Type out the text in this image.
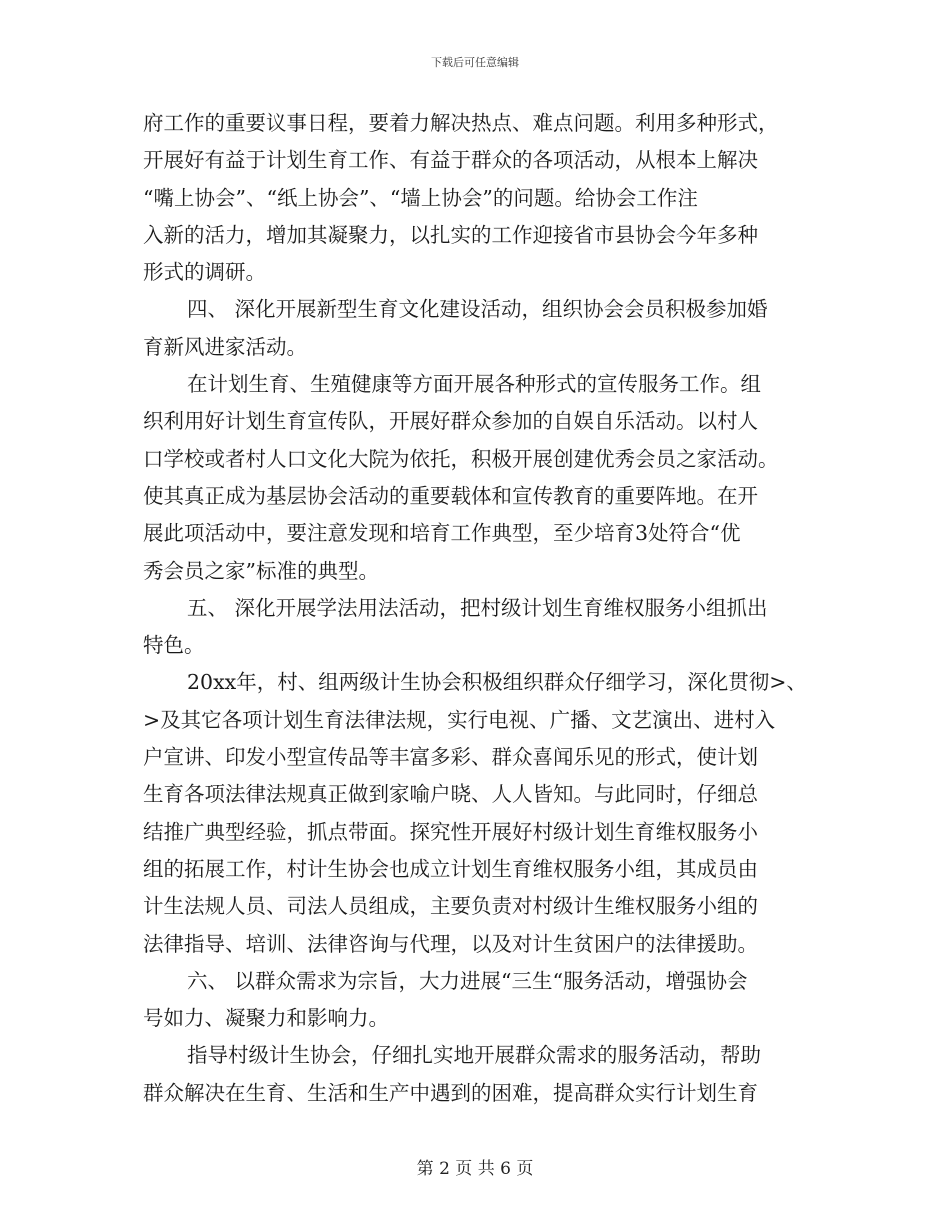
下载后可任意编辑
府工作的重要议事日程，要着力解决热点、难点问题。利用多种形式，
开展好有益于计划生育工作、有益于群众的各项活动，从根本上解决
“嘴上协会”、“纸上协会”、“墙上协会”的问题。给协会工作注
入新的活力，增加其凝聚力，以扎实的工作迎接省市县协会今年多种
形式的调研。
四、 深化开展新型生育文化建设活动，组织协会会员积极参加婚
育新风进家活动。
在计划生育、生殖健康等方面开展各种形式的宣传服务工作。组
织利用好计划生育宣传队，开展好群众参加的自娱自乐活动。以村人
口学校或者村人口文化大院为依托，积极开展创建优秀会员之家活动。
使其真正成为基层协会活动的重要载体和宣传教育的重要阵地。在开
展此项活动中，要注意发现和培育工作典型，至少培育3处符合“优
秀会员之家”标准的典型。
五、 深化开展学法用法活动，把村级计划生育维权服务小组抓出
特色。
20xx年，村、组两级计生协会积极组织群众仔细学习，深化贯彻>、
>及其它各项计划生育法律法规，实行电视、广播、文艺演出、进村入
户宣讲、印发小型宣传品等丰富多彩、群众喜闻乐见的形式，使计划
生育各项法律法规真正做到家喻户晓、人人皆知。与此同时，仔细总
结推广典型经验，抓点带面。探究性开展好村级计划生育维权服务小
组的拓展工作，村计生协会也成立计划生育维权服务小组，其成员由
计生法规人员、司法人员组成，主要负责对村级计生维权服务小组的
法律指导、培训、法律咨询与代理，以及对计生贫困户的法律援助。
六、 以群众需求为宗旨，大力进展“三生“服务活动，增强协会
号如力、凝聚力和影响力。
指导村级计生协会，仔细扎实地开展群众需求的服务活动，帮助
群众解决在生育、生活和生产中遇到的困难，提高群众实行计划生育
第 2 页 共 6 页
